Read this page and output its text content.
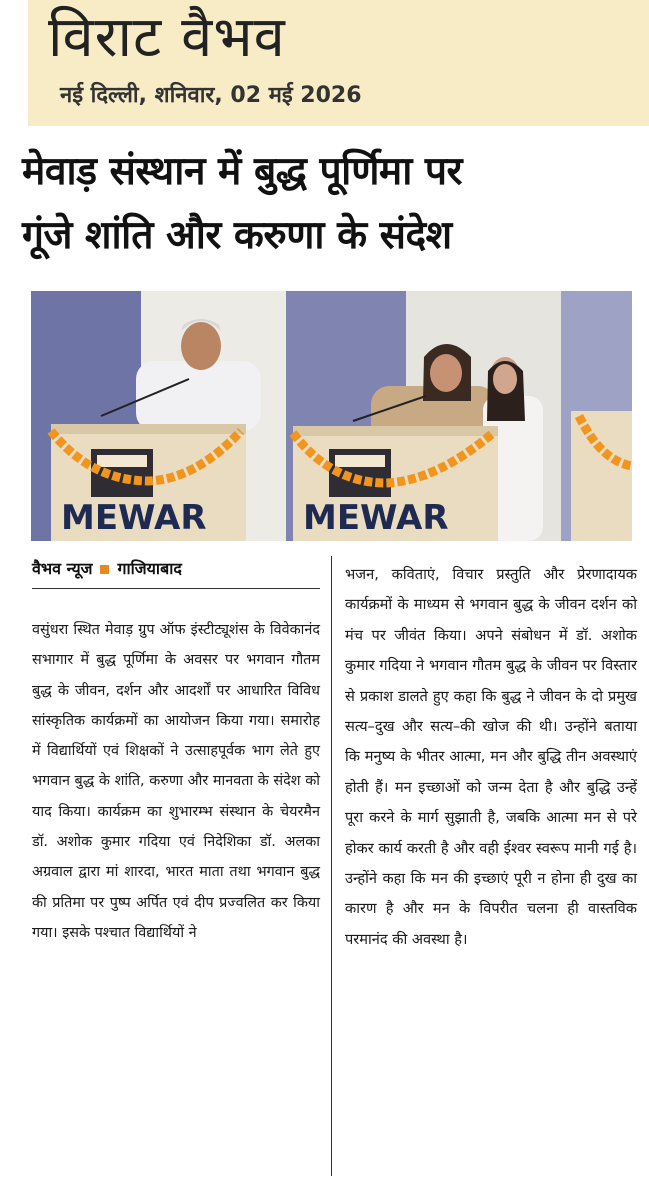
विराट वैभव
नई दिल्ली, शनिवार, 02 मई 2026
मेवाड़ संस्थान में बुद्ध पूर्णिमा पर
गूंजे शांति और करुणा के संदेश
MEWAR	MEWAR
वैभव न्यूज गाजियाबाद

वसुंधरा स्थित मेवाड़ ग्रुप ऑफ इंस्टीट्यूशंस के विवेकानंद सभागार में बुद्ध पूर्णिमा के अवसर पर भगवान गौतम बुद्ध के जीवन, दर्शन और आदर्शों पर आधारित विविध सांस्कृतिक कार्यक्रमों का आयोजन किया गया। समारोह में विद्यार्थियों एवं शिक्षकों ने उत्साहपूर्वक भाग लेते हुए भगवान बुद्ध के शांति, करुणा और मानवता के संदेश को याद किया। कार्यक्रम का शुभारम्भ संस्थान के चेयरमैन डॉ. अशोक कुमार गदिया एवं निदेशिका डॉ. अलका अग्रवाल द्वारा मां शारदा, भारत माता तथा भगवान बुद्ध की प्रतिमा पर पुष्प अर्पित एवं दीप प्रज्वलित कर किया गया। इसके पश्चात विद्यार्थियों ने

भजन, कविताएं, विचार प्रस्तुति और प्रेरणादायक कार्यक्रमों के माध्यम से भगवान बुद्ध के जीवन दर्शन को मंच पर जीवंत किया। अपने संबोधन में डॉ. अशोक कुमार गदिया ने भगवान गौतम बुद्ध के जीवन पर विस्तार से प्रकाश डालते हुए कहा कि बुद्ध ने जीवन के दो प्रमुख सत्य–दुख और सत्य–की खोज की थी। उन्होंने बताया कि मनुष्य के भीतर आत्मा, मन और बुद्धि तीन अवस्थाएं होती हैं। मन इच्छाओं को जन्म देता है और बुद्धि उन्हें पूरा करने के मार्ग सुझाती है, जबकि आत्मा मन से परे होकर कार्य करती है और वही ईश्वर स्वरूप मानी गई है। उन्होंने कहा कि मन की इच्छाएं पूरी न होना ही दुख का कारण है और मन के विपरीत चलना ही वास्तविक परमानंद की अवस्था है।
